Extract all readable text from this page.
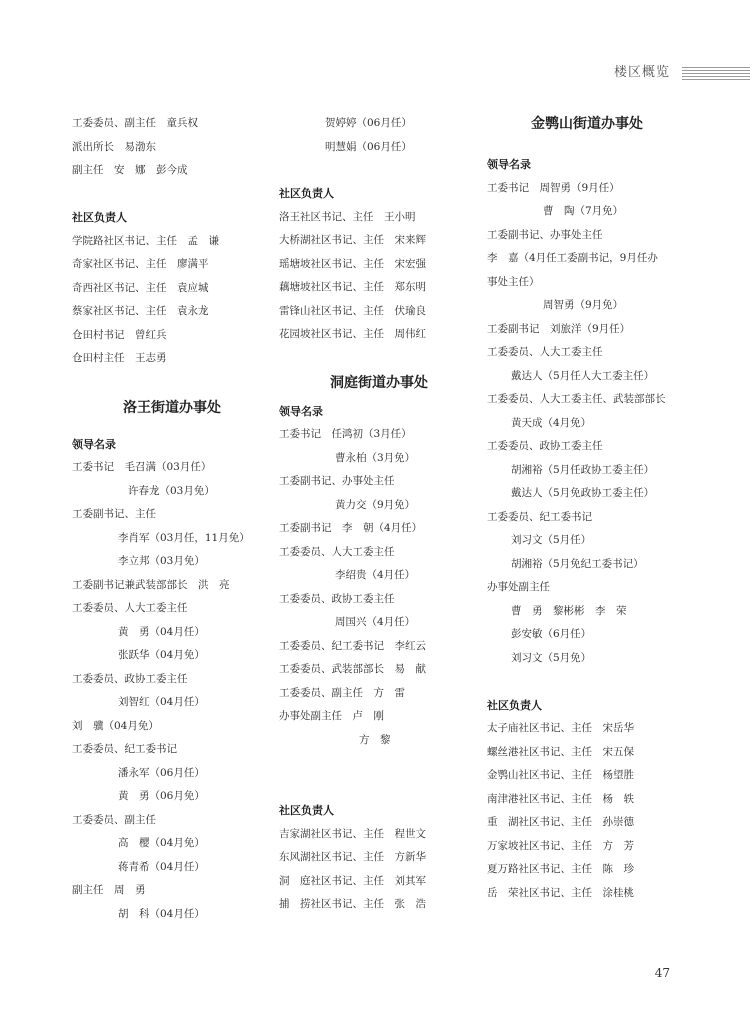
楼区概览
工委委员、副主任　童兵权
派出所长　易渤东
副主任　安　娜　彭今成
社区负责人
学院路社区书记、主任　孟　谦
奇家社区书记、主任　廖满平
奇西社区书记、主任　袁应城
蔡家社区书记、主任　袁永龙
仓田村书记　曾红兵
仓田村主任　王志勇
洛王街道办事处
领导名录
工委书记　毛召满（03月任）
许春龙（03月免）
工委副书记、主任
李肖军（03月任，11月免）
李立邦（03月免）
工委副书记兼武装部部长　洪　亮
工委委员、人大工委主任
黄　勇（04月任）
张跃华（04月免）
工委委员、政协工委主任
刘智红（04月任）
刘　骥（04月免）
工委委员、纪工委书记
潘永军（06月任）
黄　勇（06月免）
工委委员、副主任
高　樱（04月免）
蒋青希（04月任）
副主任　周　勇
胡　科（04月任）
贺婷婷（06月任）
明慧娟（06月任）
社区负责人
洛王社区书记、主任　王小明
大桥湖社区书记、主任　宋来辉
瑶塘坡社区书记、主任　宋宏强
藕塘坡社区书记、主任　郑东明
雷锋山社区书记、主任　伏瑜良
花园坡社区书记、主任　周伟红
洞庭街道办事处
领导名录
工委书记　任鸿初（3月任）
曹永柏（3月免）
工委副书记、办事处主任
黄力交（9月免）
工委副书记　李　朝（4月任）
工委委员、人大工委主任
李绍贵（4月任）
工委委员、政协工委主任
周国兴（4月任）
工委委员、纪工委书记　李红云
工委委员、武装部部长　易　献
工委委员、副主任　方　雷
办事处副主任　卢　刚
方　黎
社区负责人
吉家湖社区书记、主任　程世文
东风湖社区书记、主任　方新华
洞　庭社区书记、主任　刘其军
捕　捞社区书记、主任　张　浩
金鹗山街道办事处
领导名录
工委书记　周智勇（9月任）
曹　陶（7月免）
工委副书记、办事处主任
李　嘉（4月任工委副书记，9月任办
事处主任）
周智勇（9月免）
工委副书记　刘旅洋（9月任）
工委委员、人大工委主任
戴达人（5月任人大工委主任）
工委委员、人大工委主任、武装部部长
黄天成（4月免）
工委委员、政协工委主任
胡湘裕（5月任政协工委主任）
戴达人（5月免政协工委主任）
工委委员、纪工委书记
刘习文（5月任）
胡湘裕（5月免纪工委书记）
办事处副主任
曹　勇　黎彬彬　李　荣
彭安敏（6月任）
刘习文（5月免）
社区负责人
太子庙社区书记、主任　宋岳华
螺丝港社区书记、主任　宋五保
金鹗山社区书记、主任　杨望胜
南津港社区书记、主任　杨　轶
重　湖社区书记、主任　孙崇德
万家坡社区书记、主任　方　芳
夏万路社区书记、主任　陈　珍
岳　荣社区书记、主任　涂桂桃
47
